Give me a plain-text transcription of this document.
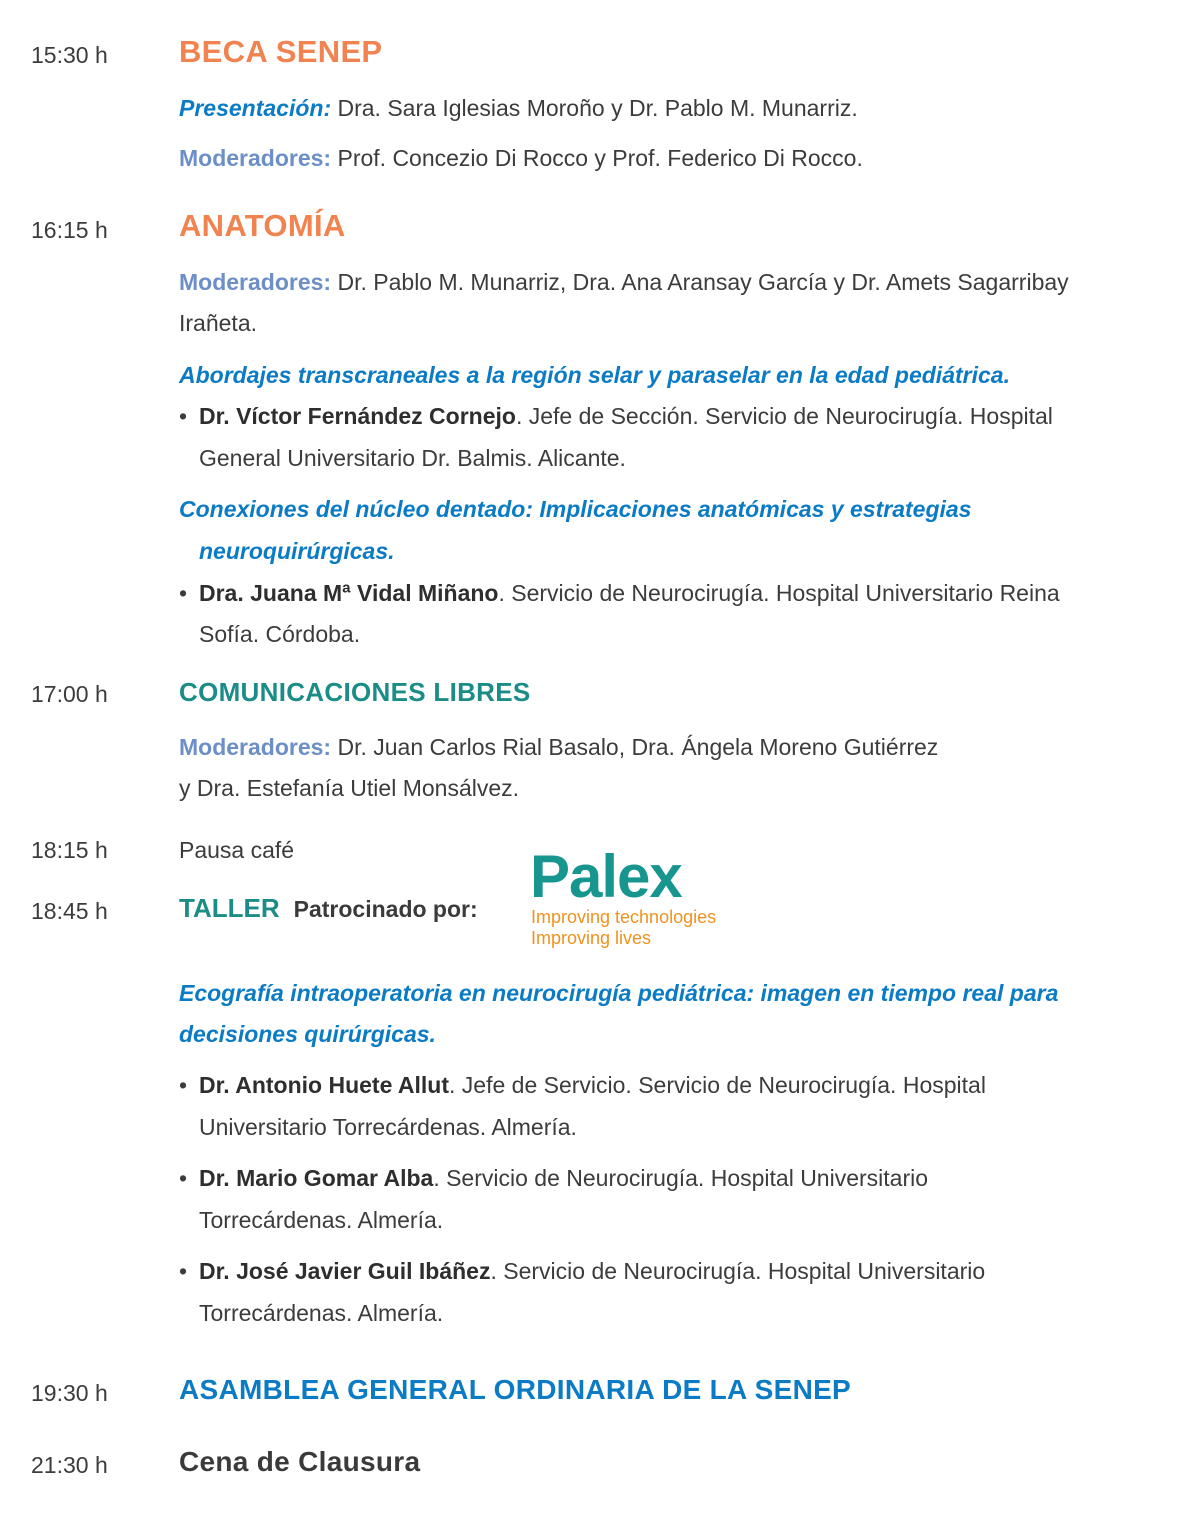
15:30 h BECA SENEP
Presentación: Dra. Sara Iglesias Moroño y Dr. Pablo M. Munarriz.
Moderadores: Prof. Concezio Di Rocco y Prof. Federico Di Rocco.
16:15 h ANATOMÍA
Moderadores: Dr. Pablo M. Munarriz, Dra. Ana Aransay García y Dr. Amets Sagarribay
Irañeta.
Abordajes transcraneales a la región selar y paraselar en la edad pediátrica.
• Dr. Víctor Fernández Cornejo. Jefe de Sección. Servicio de Neurocirugía. Hospital
General Universitario Dr. Balmis. Alicante.
Conexiones del núcleo dentado: Implicaciones anatómicas y estrategias
neuroquirúrgicas.
• Dra. Juana Mª Vidal Miñano. Servicio de Neurocirugía. Hospital Universitario Reina
Sofía. Córdoba.
17:00 h	COMUNICACIONES LIBRES
Moderadores: Dr. Juan Carlos Rial Basalo, Dra. Ángela Moreno Gutiérrez
y Dra. Estefanía Utiel Monsálvez.
18:15 h	Pausa café
18:45 h	TALLER Patrocinado por: Palex
Improving technologies
Improving lives
Ecografía intraoperatoria en neurocirugía pediátrica: imagen en tiempo real para
decisiones quirúrgicas.
• Dr. Antonio Huete Allut. Jefe de Servicio. Servicio de Neurocirugía. Hospital
Universitario Torrecárdenas. Almería.
• Dr. Mario Gomar Alba. Servicio de Neurocirugía. Hospital Universitario
Torrecárdenas. Almería.
• Dr. José Javier Guil Ibáñez. Servicio de Neurocirugía. Hospital Universitario
Torrecárdenas. Almería.
19:30 h	ASAMBLEA GENERAL ORDINARIA DE LA SENEP
21:30 h	Cena de Clausura
